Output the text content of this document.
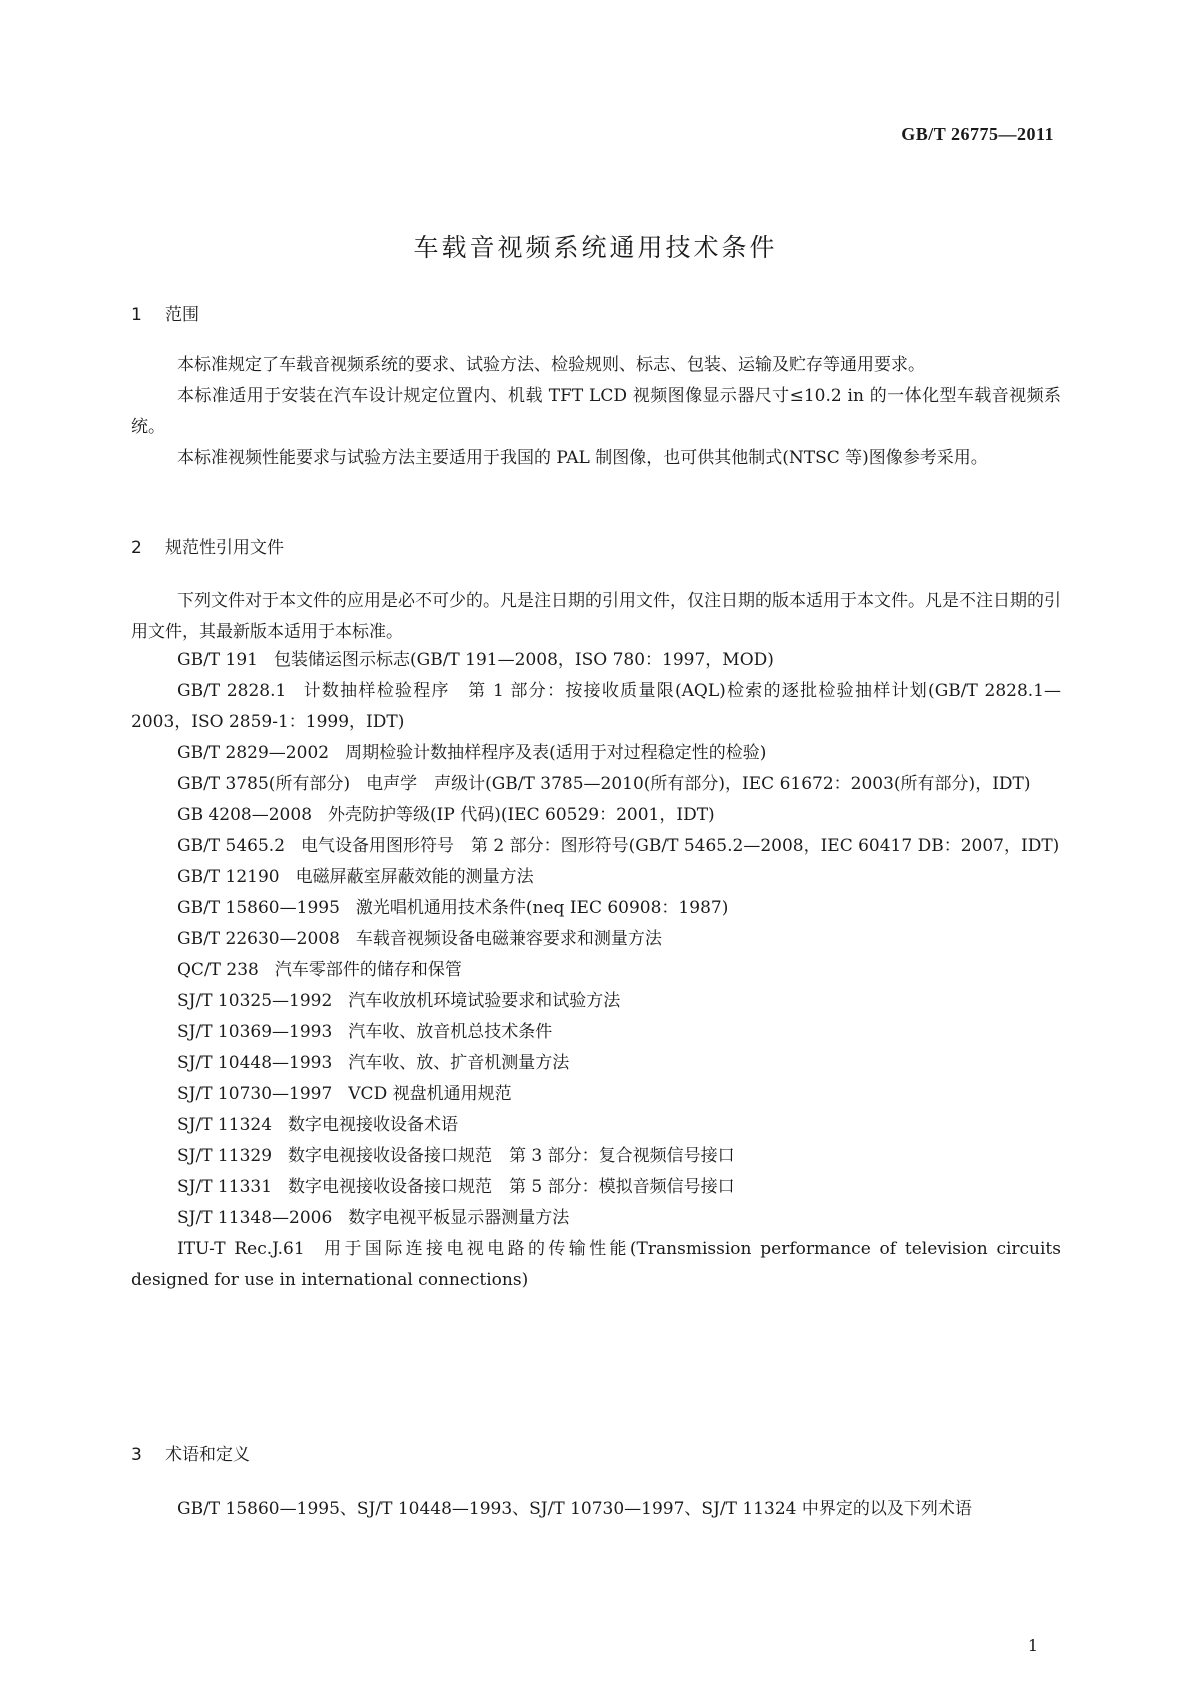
GB/T 26775—2011
车载音视频系统通用技术条件
1 范围
本标准规定了车载音视频系统的要求、试验方法、检验规则、标志、包装、运输及贮存等通用要求。
本标准适用于安装在汽车设计规定位置内、机载 TFT LCD 视频图像显示器尺寸≤10.2 in 的一体化型车载音视频系统。
本标准视频性能要求与试验方法主要适用于我国的 PAL 制图像，也可供其他制式(NTSC 等)图像参考采用。
2 规范性引用文件
下列文件对于本文件的应用是必不可少的。凡是注日期的引用文件，仅注日期的版本适用于本文件。凡是不注日期的引用文件，其最新版本适用于本标准。
GB/T 191 包装储运图示标志(GB/T 191—2008，ISO 780：1997，MOD)
GB/T 2828.1 计数抽样检验程序　第 1 部分：按接收质量限(AQL)检索的逐批检验抽样计划(GB/T 2828.1—2003，ISO 2859-1：1999，IDT)
GB/T 2829—2002 周期检验计数抽样程序及表(适用于对过程稳定性的检验)
GB/T 3785(所有部分) 电声学　声级计(GB/T 3785—2010(所有部分)，IEC 61672：2003(所有部分)，IDT)
GB 4208—2008 外壳防护等级(IP 代码)(IEC 60529：2001，IDT)
GB/T 5465.2 电气设备用图形符号　第 2 部分：图形符号(GB/T 5465.2—2008，IEC 60417 DB：2007，IDT)
GB/T 12190 电磁屏蔽室屏蔽效能的测量方法
GB/T 15860—1995 激光唱机通用技术条件(neq IEC 60908：1987)
GB/T 22630—2008 车载音视频设备电磁兼容要求和测量方法
QC/T 238 汽车零部件的储存和保管
SJ/T 10325—1992 汽车收放机环境试验要求和试验方法
SJ/T 10369—1993 汽车收、放音机总技术条件
SJ/T 10448—1993 汽车收、放、扩音机测量方法
SJ/T 10730—1997 VCD 视盘机通用规范
SJ/T 11324 数字电视接收设备术语
SJ/T 11329 数字电视接收设备接口规范　第 3 部分：复合视频信号接口
SJ/T 11331 数字电视接收设备接口规范　第 5 部分：模拟音频信号接口
SJ/T 11348—2006 数字电视平板显示器测量方法
ITU-T Rec.J.61 用于国际连接电视电路的传输性能(Transmission performance of television circuits designed for use in international connections)
3 术语和定义
GB/T 15860—1995、SJ/T 10448—1993、SJ/T 10730—1997、SJ/T 11324 中界定的以及下列术语
1
